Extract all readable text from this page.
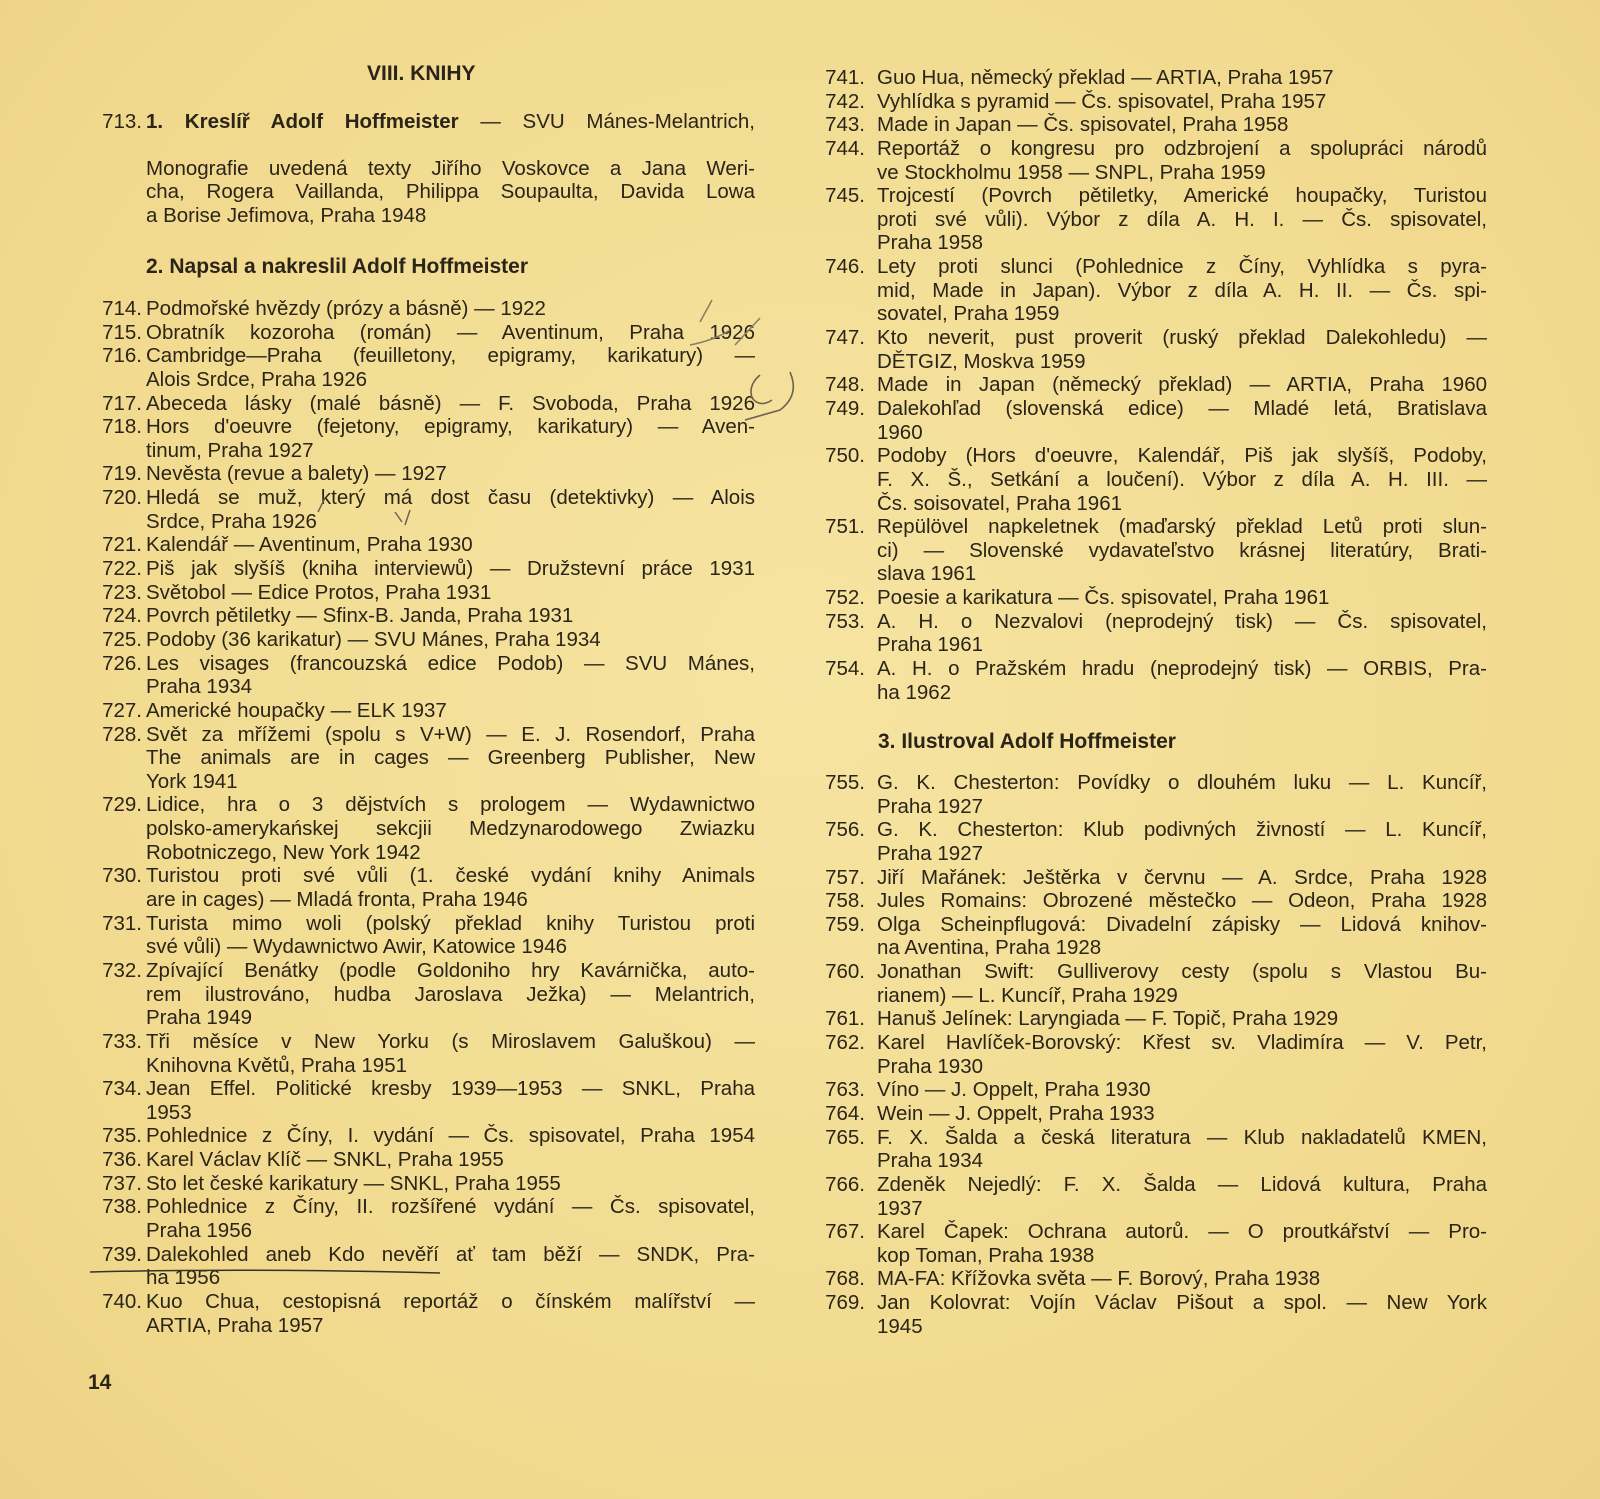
VIII. KNIHY
713. 1. Kreslíř Adolf Hoffmeister — SVU Mánes-Melantrich,
Monografie uvedená texty Jiřího Voskovce a Jana Weri-
cha, Rogera Vaillanda, Philippa Soupaulta, Davida Lowa
a Borise Jefimova, Praha 1948
2. Napsal a nakreslil Adolf Hoffmeister
714. Podmořské hvězdy (prózy a básně) — 1922
715. Obratník kozoroha (román) — Aventinum, Praha 1926
716. Cambridge—Praha (feuilletony, epigramy, karikatury) —
Alois Srdce, Praha 1926
717. Abeceda lásky (malé básně) — F. Svoboda, Praha 1926
718. Hors d'oeuvre (fejetony, epigramy, karikatury) — Aven-
tinum, Praha 1927
719. Nevěsta (revue a balety) — 1927
720. Hledá se muž, který má dost času (detektivky) — Alois
Srdce, Praha 1926
721. Kalendář — Aventinum, Praha 1930
722. Piš jak slyšíš (kniha interviewů) — Družstevní práce 1931
723. Světobol — Edice Protos, Praha 1931
724. Povrch pětiletky — Sfinx-B. Janda, Praha 1931
725. Podoby (36 karikatur) — SVU Mánes, Praha 1934
726. Les visages (francouzská edice Podob) — SVU Mánes,
Praha 1934
727. Americké houpačky — ELK 1937
728. Svět za mřížemi (spolu s V+W) — E. J. Rosendorf, Praha
The animals are in cages — Greenberg Publisher, New
York 1941
729. Lidice, hra o 3 dějstvích s prologem — Wydawnictwo
polsko-amerykańskej sekcjii Medzynarodowego Zwiazku
Robotniczego, New York 1942
730. Turistou proti své vůli (1. české vydání knihy Animals
are in cages) — Mladá fronta, Praha 1946
731. Turista mimo woli (polský překlad knihy Turistou proti
své vůli) — Wydawnictwo Awir, Katowice 1946
732. Zpívající Benátky (podle Goldoniho hry Kavárnička, auto-
rem ilustrováno, hudba Jaroslava Ježka) — Melantrich,
Praha 1949
733. Tři měsíce v New Yorku (s Miroslavem Galuškou) —
Knihovna Květů, Praha 1951
734. Jean Effel. Politické kresby 1939—1953 — SNKL, Praha
1953
735. Pohlednice z Číny, I. vydání — Čs. spisovatel, Praha 1954
736. Karel Václav Klíč — SNKL, Praha 1955
737. Sto let české karikatury — SNKL, Praha 1955
738. Pohlednice z Číny, II. rozšířené vydání — Čs. spisovatel,
Praha 1956
739. Dalekohled aneb Kdo nevěří ať tam běží — SNDK, Pra-
ha 1956
740. Kuo Chua, cestopisná reportáž o čínském malířství —
ARTIA, Praha 1957
741. Guo Hua, německý překlad — ARTIA, Praha 1957
742. Vyhlídka s pyramid — Čs. spisovatel, Praha 1957
743. Made in Japan — Čs. spisovatel, Praha 1958
744. Reportáž o kongresu pro odzbrojení a spolupráci národů
ve Stockholmu 1958 — SNPL, Praha 1959
745. Trojcestí (Povrch pětiletky, Americké houpačky, Turistou
proti své vůli). Výbor z díla A. H. I. — Čs. spisovatel,
Praha 1958
746. Lety proti slunci (Pohlednice z Číny, Vyhlídka s pyra-
mid, Made in Japan). Výbor z díla A. H. II. — Čs. spi-
sovatel, Praha 1959
747. Kto neverit, pust proverit (ruský překlad Dalekohledu) —
DĚTGIZ, Moskva 1959
748. Made in Japan (německý překlad) — ARTIA, Praha 1960
749. Dalekohľad (slovenská edice) — Mladé letá, Bratislava
1960
750. Podoby (Hors d'oeuvre, Kalendář, Piš jak slyšíš, Podoby,
F. X. Š., Setkání a loučení). Výbor z díla A. H. III. —
Čs. soisovatel, Praha 1961
751. Repülövel napkeletnek (maďarský překlad Letů proti slun-
ci) — Slovenské vydavateľstvo krásnej literatúry, Brati-
slava 1961
752. Poesie a karikatura — Čs. spisovatel, Praha 1961
753. A. H. o Nezvalovi (neprodejný tisk) — Čs. spisovatel,
Praha 1961
754. A. H. o Pražském hradu (neprodejný tisk) — ORBIS, Pra-
ha 1962
3. Ilustroval Adolf Hoffmeister
755. G. K. Chesterton: Povídky o dlouhém luku — L. Kuncíř,
Praha 1927
756. G. K. Chesterton: Klub podivných živností — L. Kuncíř,
Praha 1927
757. Jiří Mařánek: Ještěrka v červnu — A. Srdce, Praha 1928
758. Jules Romains: Obrozené městečko — Odeon, Praha 1928
759. Olga Scheinpflugová: Divadelní zápisky — Lidová knihov-
na Aventina, Praha 1928
760. Jonathan Swift: Gulliverovy cesty (spolu s Vlastou Bu-
rianem) — L. Kuncíř, Praha 1929
761. Hanuš Jelínek: Laryngiada — F. Topič, Praha 1929
762. Karel Havlíček-Borovský: Křest sv. Vladimíra — V. Petr,
Praha 1930
763. Víno — J. Oppelt, Praha 1930
764. Wein — J. Oppelt, Praha 1933
765. F. X. Šalda a česká literatura — Klub nakladatelů KMEN,
Praha 1934
766. Zdeněk Nejedlý: F. X. Šalda — Lidová kultura, Praha
1937
767. Karel Čapek: Ochrana autorů. — O proutkářství — Pro-
kop Toman, Praha 1938
768. MA-FA: Křížovka světa — F. Borový, Praha 1938
769. Jan Kolovrat: Vojín Václav Pišout a spol. — New York
1945
14
